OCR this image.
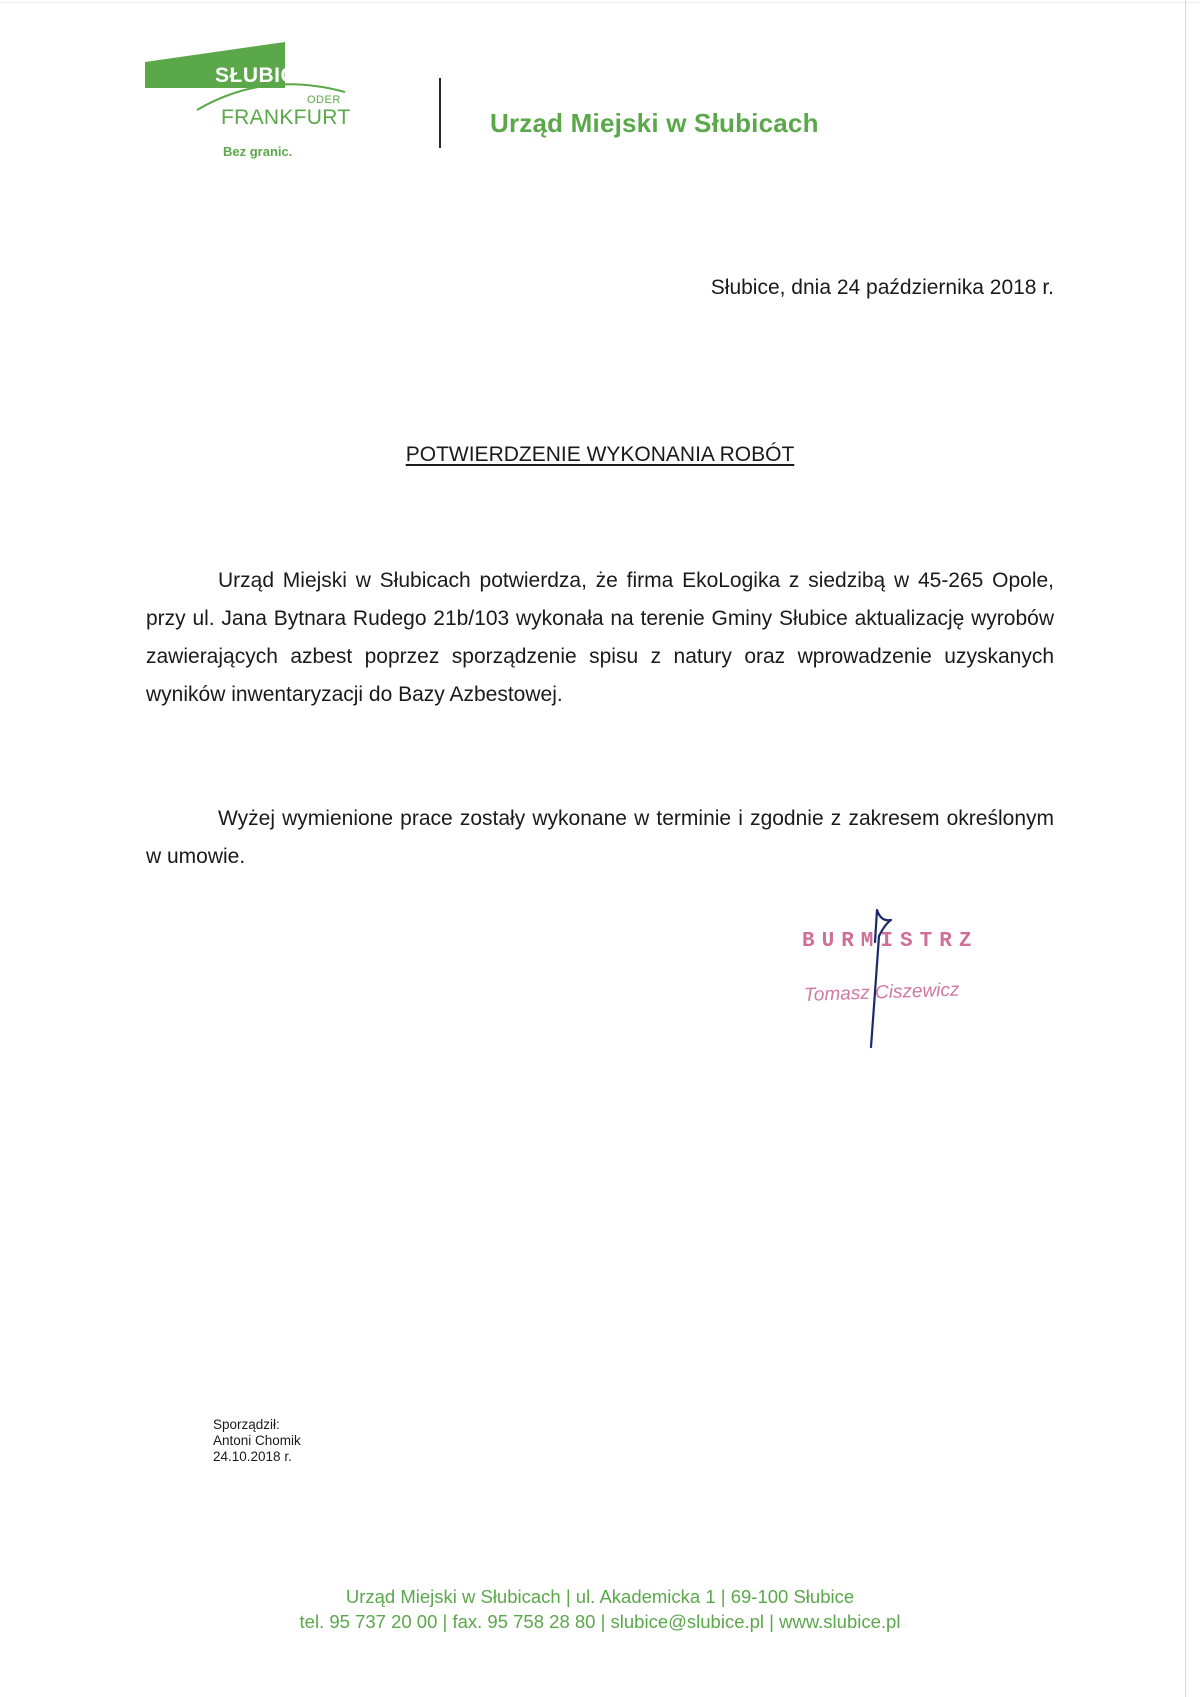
SŁUBICE
ODER
FRANKFURT
Bez granic.
Urząd Miejski w Słubicach
Słubice, dnia 24 października 2018 r.
POTWIERDZENIE WYKONANIA ROBÓT

Urząd Miejski w Słubicach potwierdza, że firma EkoLogika z siedzibą w 45-265 Opole, przy ul. Jana Bytnara Rudego 21b/103 wykonała na terenie Gminy Słubice aktualizację wyrobów zawierających azbest poprzez sporządzenie spisu z natury oraz wprowadzenie uzyskanych wyników inwentaryzacji do Bazy Azbestowej.

Wyżej wymienione prace zostały wykonane w terminie i zgodnie z zakresem określonym w umowie.

BURMISTRZ
Tomasz Ciszewicz
Sporządził:
Antoni Chomik
24.10.2018 r.
Urząd Miejski w Słubicach | ul. Akademicka 1 | 69-100 Słubice
tel. 95 737 20 00 | fax. 95 758 28 80 | slubice@slubice.pl | www.slubice.pl
